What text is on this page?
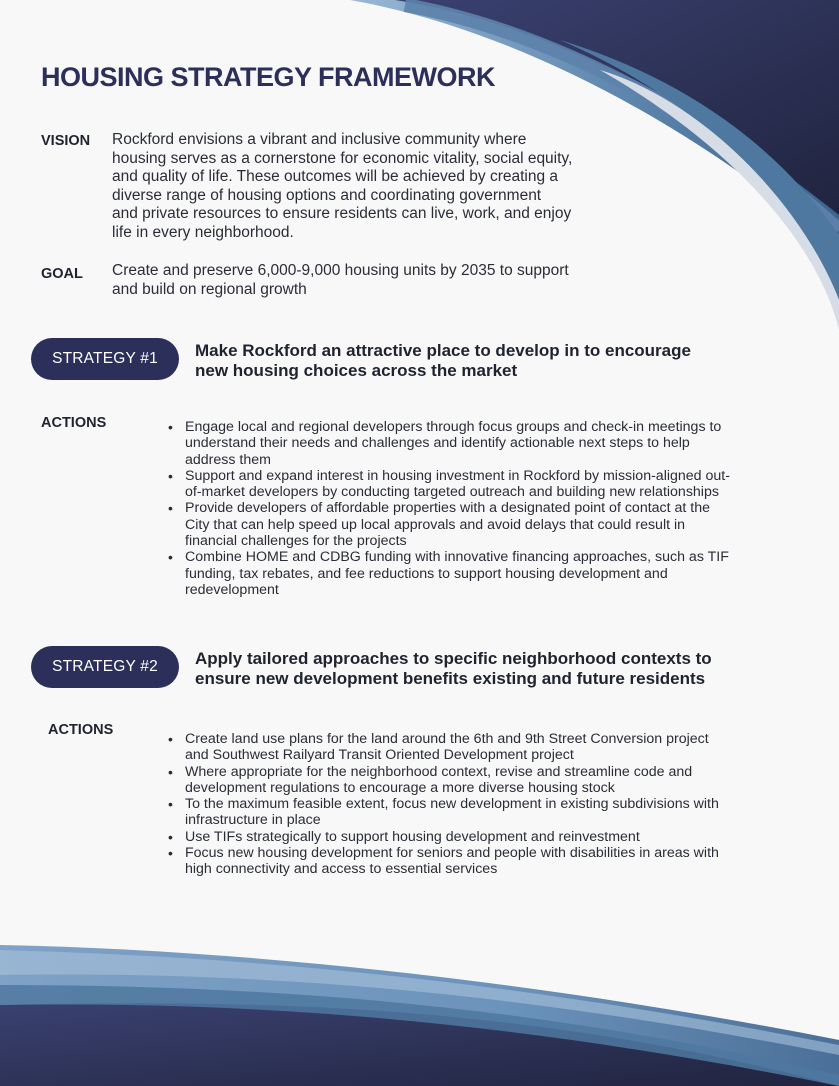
HOUSING STRATEGY FRAMEWORK
VISION Rockford envisions a vibrant and inclusive community where
housing serves as a cornerstone for economic vitality, social equity,
and quality of life. These outcomes will be achieved by creating a
diverse range of housing options and coordinating government
and private resources to ensure residents can live, work, and enjoy
life in every neighborhood.
GOAL Create and preserve 6,000-9,000 housing units by 2035 to support
and build on regional growth
STRATEGY #1	Make Rockford an attractive place to develop in to encourage
new housing choices across the market
ACTIONS
•	Engage local and regional developers through focus groups and check-in meetings to
understand their needs and challenges and identify actionable next steps to help
address them
• Support and expand interest in housing investment in Rockford by mission-aligned out-
of-market developers by conducting targeted outreach and building new relationships
• Provide developers of affordable properties with a designated point of contact at the
City that can help speed up local approvals and avoid delays that could result in
financial challenges for the projects
• Combine HOME and CDBG funding with innovative financing approaches, such as TIF
funding, tax rebates, and fee reductions to support housing development and
redevelopment
STRATEGY #2	Apply tailored approaches to specific neighborhood contexts to
ensure new development benefits existing and future residents
ACTIONS
• Create land use plans for the land around the 6th and 9th Street Conversion project
and Southwest Railyard Transit Oriented Development project
• Where appropriate for the neighborhood context, revise and streamline code and
development regulations to encourage a more diverse housing stock
• To the maximum feasible extent, focus new development in existing subdivisions with
infrastructure in place
• Use TIFs strategically to support housing development and reinvestment
• Focus new housing development for seniors and people with disabilities in areas with
high connectivity and access to essential services
